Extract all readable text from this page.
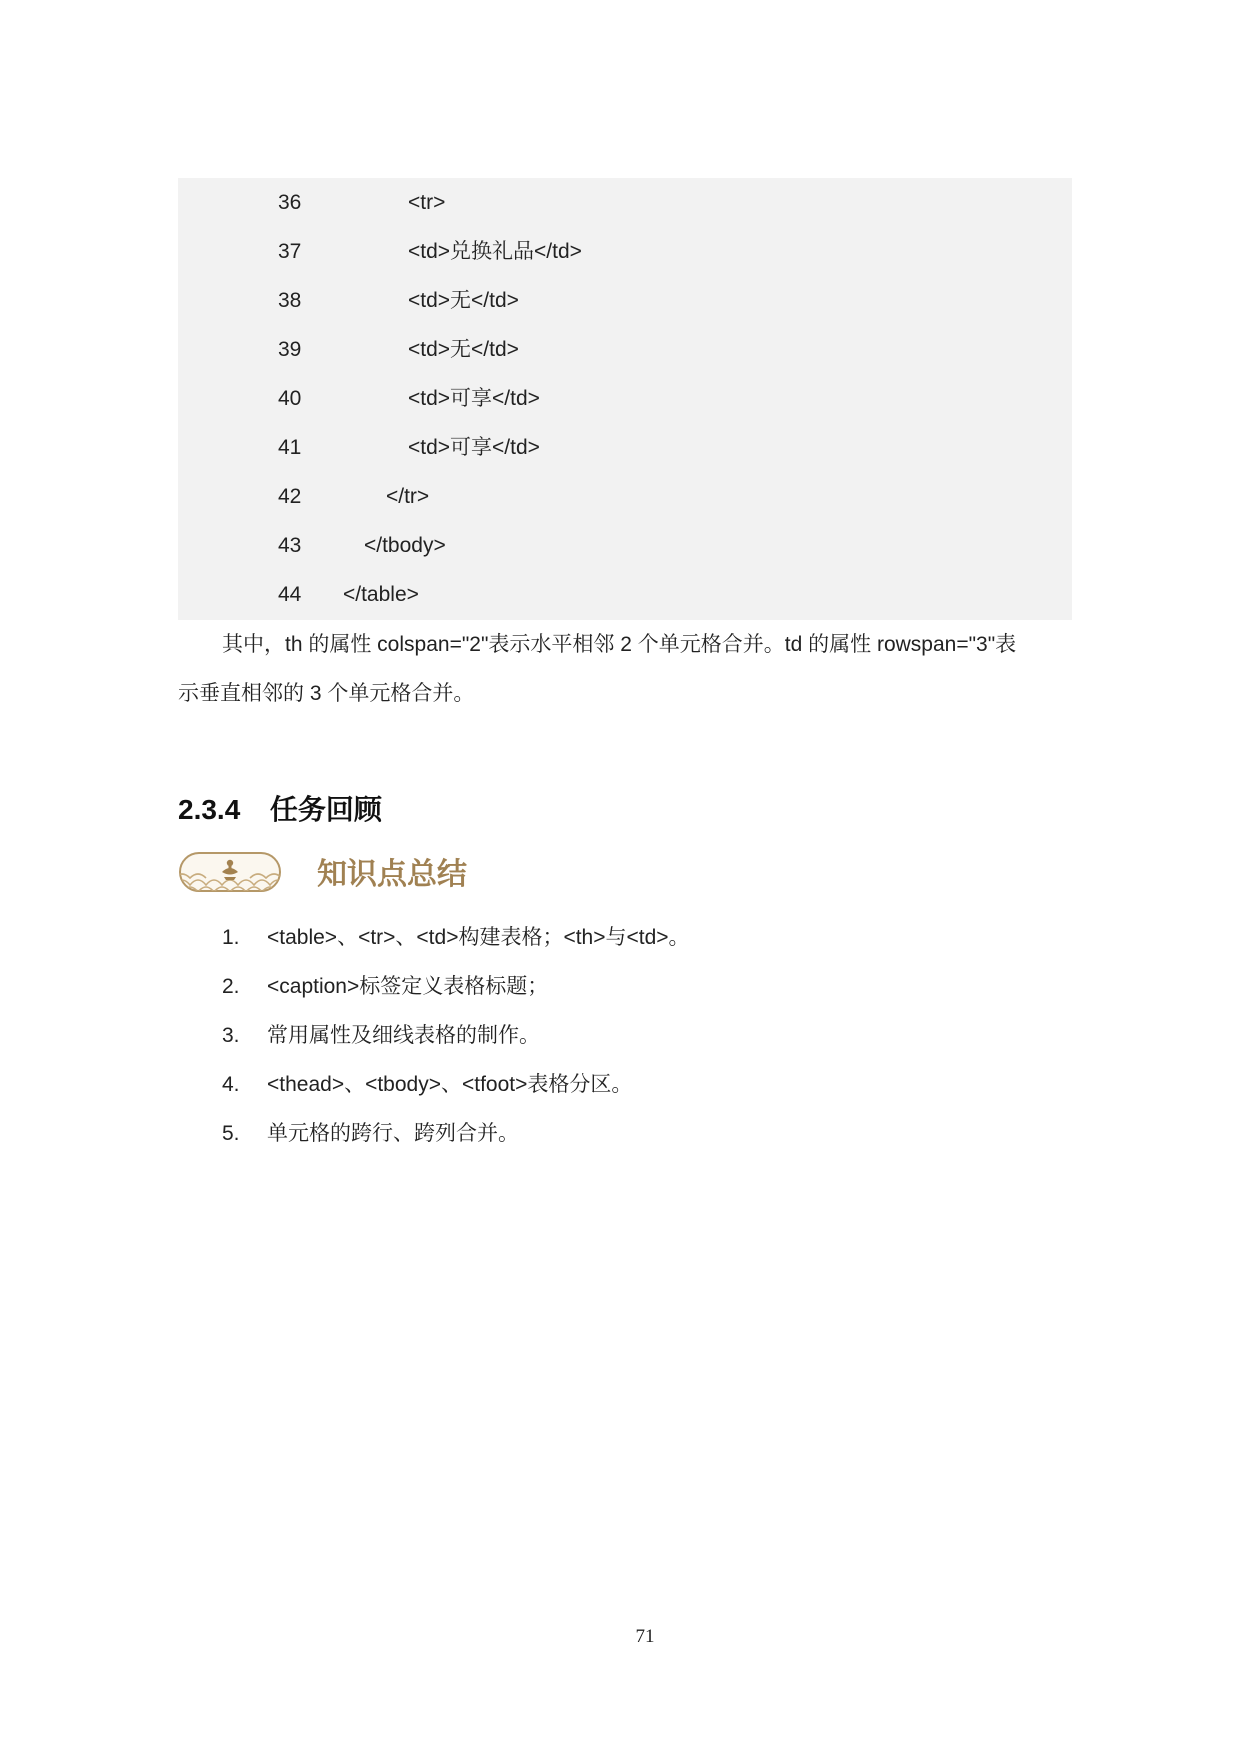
36	<tr>
37	<td>兑换礼品</td>
38	<td>无</td>
39	<td>无</td>
40	<td>可享</td>
41	<td>可享</td>
42	</tr>
43	</tbody>
44 </table>
其中，th 的属性 colspan="2"表示水平相邻 2 个单元格合并。td 的属性 rowspan="3"表
示垂直相邻的 3 个单元格合并。
2.3.4 任务回顾
知识点总结
1. <table>、<tr>、<td>构建表格；<th>与<td>。
2. <caption>标签定义表格标题；
3. 常用属性及细线表格的制作。
4. <thead>、<tbody>、<tfoot>表格分区。
5. 单元格的跨行、跨列合并。
71
